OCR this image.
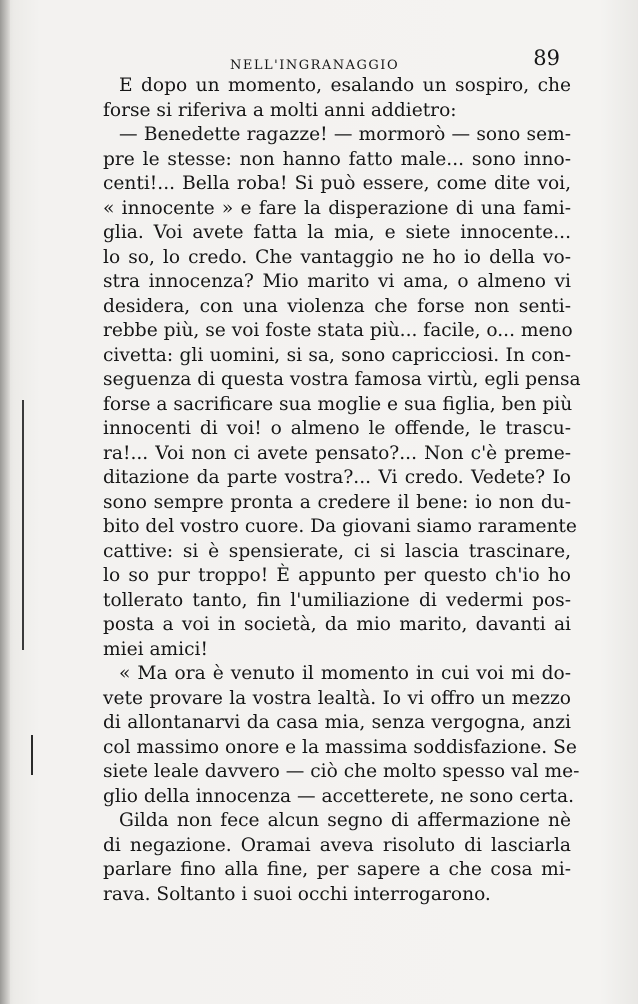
NELL'INGRANAGGIO	89
E dopo un momento, esalando un sospiro, che
forse si riferiva a molti anni addietro:
— Benedette ragazze! — mormorò — sono sem-
pre le stesse: non hanno fatto male... sono inno-
centi!... Bella roba! Si può essere, come dite voi,
« innocente » e fare la disperazione di una fami-
glia. Voi avete fatta la mia, e siete innocente...
lo so, lo credo. Che vantaggio ne ho io della vo-
stra innocenza? Mio marito vi ama, o almeno vi
desidera, con una violenza che forse non senti-
rebbe più, se voi foste stata più... facile, o... meno
civetta: gli uomini, si sa, sono capricciosi. In con-
seguenza di questa vostra famosa virtù, egli pensa
forse a sacrificare sua moglie e sua figlia, ben più
innocenti di voi! o almeno le offende, le trascu-
ra!... Voi non ci avete pensato?... Non c'è preme-
ditazione da parte vostra?... Vi credo. Vedete? Io
sono sempre pronta a credere il bene: io non du-
bito del vostro cuore. Da giovani siamo raramente
cattive: si è spensierate, ci si lascia trascinare,
lo so pur troppo! È appunto per questo ch'io ho
tollerato tanto, fin l'umiliazione di vedermi pos-
posta a voi in società, da mio marito, davanti ai
miei amici!
« Ma ora è venuto il momento in cui voi mi do-
vete provare la vostra lealtà. Io vi offro un mezzo
di allontanarvi da casa mia, senza vergogna, anzi
col massimo onore e la massima soddisfazione. Se
siete leale davvero — ciò che molto spesso val me-
glio della innocenza — accetterete, ne sono certa.
Gilda non fece alcun segno di affermazione nè
di negazione. Oramai aveva risoluto di lasciarla
parlare fino alla fine, per sapere a che cosa mi-
rava. Soltanto i suoi occhi interrogarono.
